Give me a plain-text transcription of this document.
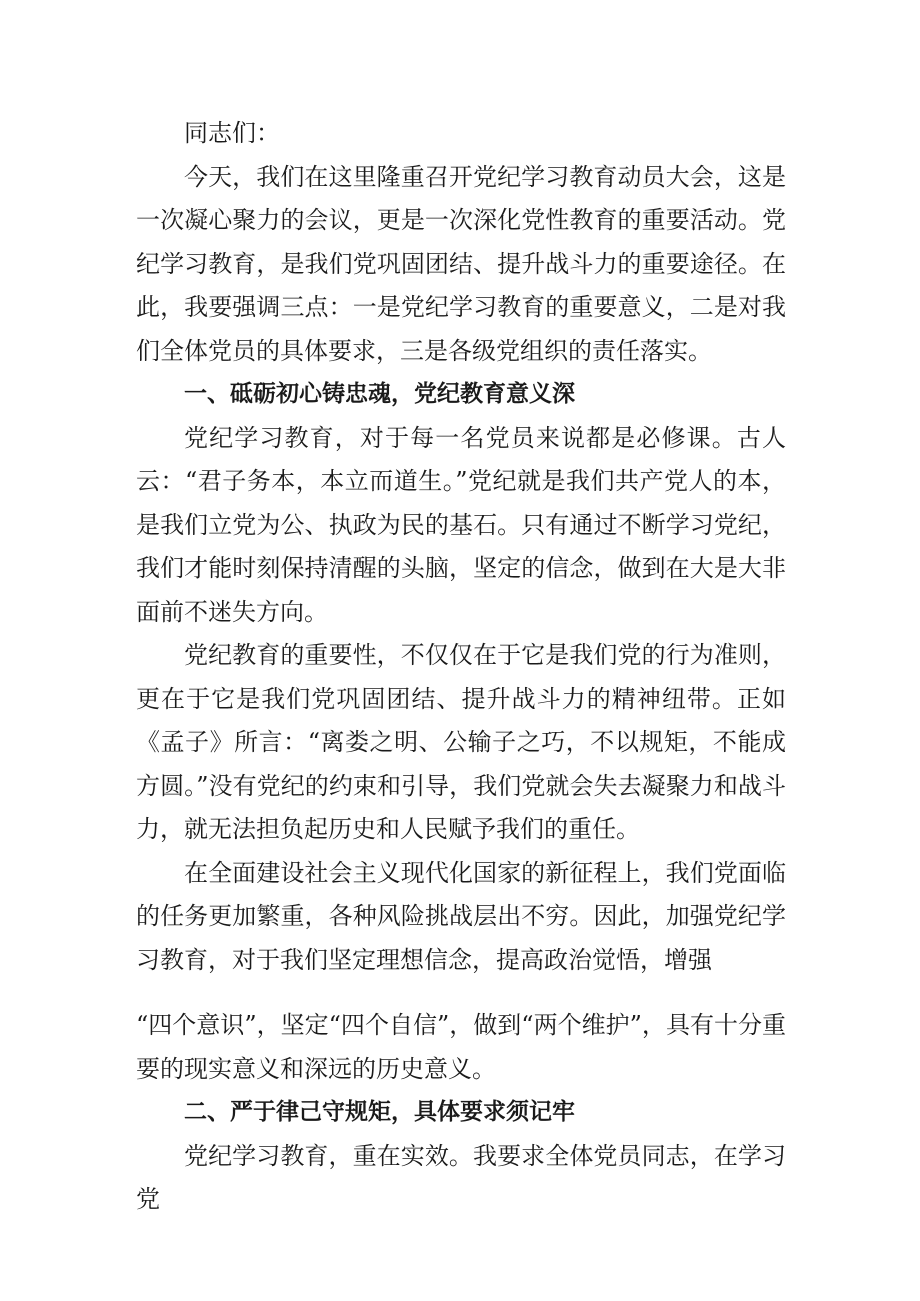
同志们：

今天，我们在这里隆重召开党纪学习教育动员大会，这是一次凝心聚力的会议，更是一次深化党性教育的重要活动。党纪学习教育，是我们党巩固团结、提升战斗力的重要途径。在此，我要强调三点：一是党纪学习教育的重要意义，二是对我们全体党员的具体要求，三是各级党组织的责任落实。

一、砥砺初心铸忠魂，党纪教育意义深

党纪学习教育，对于每一名党员来说都是必修课。古人云：“君子务本，本立而道生。”党纪就是我们共产党人的本，是我们立党为公、执政为民的基石。只有通过不断学习党纪，我们才能时刻保持清醒的头脑，坚定的信念，做到在大是大非面前不迷失方向。

党纪教育的重要性，不仅仅在于它是我们党的行为准则，更在于它是我们党巩固团结、提升战斗力的精神纽带。正如《孟子》所言：“离娄之明、公输子之巧，不以规矩，不能成方圆。”没有党纪的约束和引导，我们党就会失去凝聚力和战斗力，就无法担负起历史和人民赋予我们的重任。

在全面建设社会主义现代化国家的新征程上，我们党面临的任务更加繁重，各种风险挑战层出不穷。因此，加强党纪学习教育，对于我们坚定理想信念，提高政治觉悟，增强

“四个意识”，坚定“四个自信”，做到“两个维护”，具有十分重要的现实意义和深远的历史意义。

二、严于律己守规矩，具体要求须记牢

党纪学习教育，重在实效。我要求全体党员同志，在学习党
